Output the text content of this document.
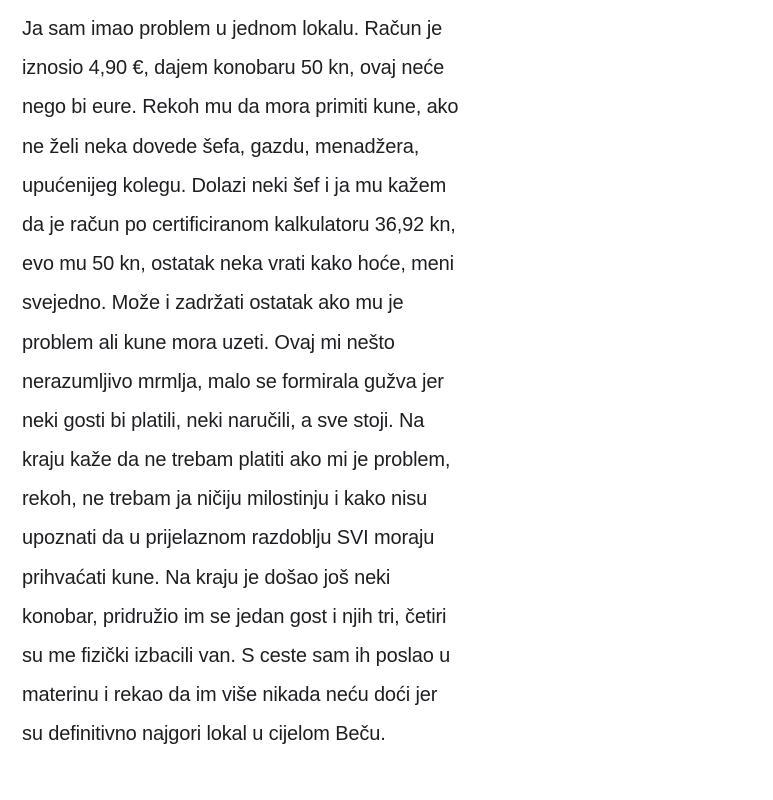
Ja sam imao problem u jednom lokalu. Račun je
iznosio 4,90 €, dajem konobaru 50 kn, ovaj neće
nego bi eure. Rekoh mu da mora primiti kune, ako
ne želi neka dovede šefa, gazdu, menadžera,
upućenijeg kolegu. Dolazi neki šef i ja mu kažem
da je račun po certificiranom kalkulatoru 36,92 kn,
evo mu 50 kn, ostatak neka vrati kako hoće, meni
svejedno. Može i zadržati ostatak ako mu je
problem ali kune mora uzeti. Ovaj mi nešto
nerazumljivo mrmlja, malo se formirala gužva jer
neki gosti bi platili, neki naručili, a sve stoji. Na
kraju kaže da ne trebam platiti ako mi je problem,
rekoh, ne trebam ja ničiju milostinju i kako nisu
upoznati da u prijelaznom razdoblju SVI moraju
prihvaćati kune. Na kraju je došao još neki
konobar, pridružio im se jedan gost i njih tri, četiri
su me fizički izbacili van. S ceste sam ih poslao u
materinu i rekao da im više nikada neću doći jer
su definitivno najgori lokal u cijelom Beču.
